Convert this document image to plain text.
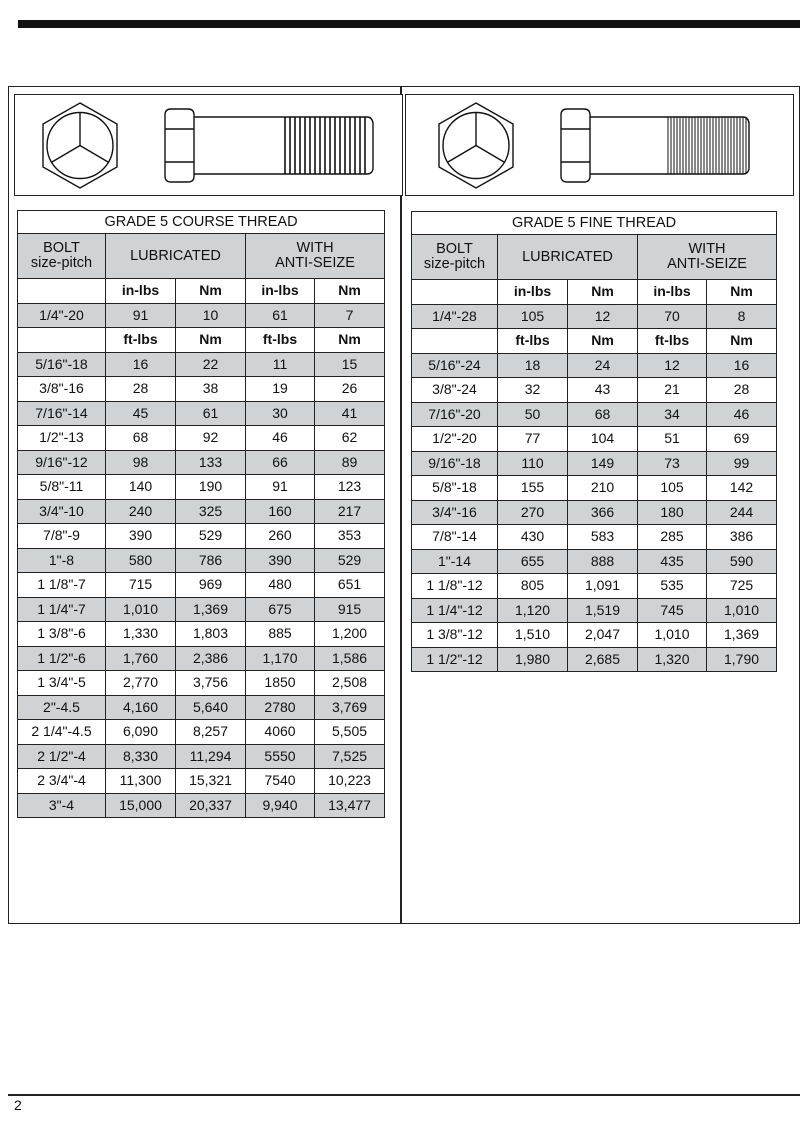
GRADE 5 COURSE THREAD				
BOLT
size-pitch	LUBRICATED		WITH
ANTI-SEIZE	
	in-lbs	Nm	in-lbs	Nm
1/4"-20	91	10	61	7
	ft-lbs	Nm	ft-lbs	Nm
5/16"-18	16	22	11	15
3/8"-16	28	38	19	26
7/16"-14	45	61	30	41
1/2"-13	68	92	46	62
9/16"-12	98	133	66	89
5/8"-11	140	190	91	123
3/4"-10	240	325	160	217
7/8"-9	390	529	260	353
1"-8	580	786	390	529
1 1/8"-7	715	969	480	651
1 1/4"-7	1,010	1,369	675	915
1 3/8"-6	1,330	1,803	885	1,200
1 1/2"-6	1,760	2,386	1,170	1,586
1 3/4"-5	2,770	3,756	1850	2,508
2"-4.5	4,160	5,640	2780	3,769
2 1/4"-4.5	6,090	8,257	4060	5,505
2 1/2"-4	8,330	11,294	5550	7,525
2 3/4"-4	11,300	15,321	7540	10,223
3"-4	15,000	20,337	9,940	13,477
GRADE 5 FINE THREAD				
BOLT
size-pitch	LUBRICATED		WITH
ANTI-SEIZE	
	in-lbs	Nm	in-lbs	Nm
1/4"-28	105	12	70	8
	ft-lbs	Nm	ft-lbs	Nm
5/16"-24	18	24	12	16
3/8"-24	32	43	21	28
7/16"-20	50	68	34	46
1/2"-20	77	104	51	69
9/16"-18	110	149	73	99
5/8"-18	155	210	105	142
3/4"-16	270	366	180	244
7/8"-14	430	583	285	386
1"-14	655	888	435	590
1 1/8"-12	805	1,091	535	725
1 1/4"-12	1,120	1,519	745	1,010
1 3/8"-12	1,510	2,047	1,010	1,369
1 1/2"-12	1,980	2,685	1,320	1,790
2
